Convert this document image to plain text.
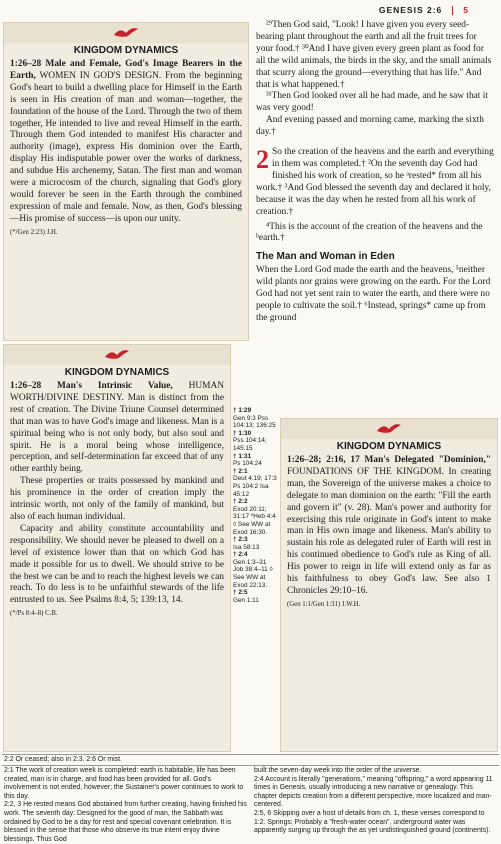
GENESIS 2:6 5
KINGDOM DYNAMICS

1:26–28 Male and Female, God's Image Bearers in the Earth, WOMEN IN GOD'S DESIGN. From the beginning God's heart to build a dwelling place for Himself in the Earth is seen in His creation of man and woman—together, the foundation of the house of the Lord. Through the two of them together, He intended to live and reveal Himself in the earth. Through them God intended to manifest His character and authority (image), express His dominion over the Earth, display His indisputable power over the works of darkness, and subdue His archenemy, Satan. The first man and woman were a microcosm of the church, signaling that God's glory would forever be seen in the Earth through the combined expression of male and female. Now, as then, God's blessing—His promise of success—is upon our unity.

(*/Gen 2:23) J.H.
KINGDOM DYNAMICS

1:26–28 Man's Intrinsic Value, HUMAN WORTH/DIVINE DESTINY. Man is distinct from the rest of creation. The Divine Triune Counsel determined that man was to have God's image and likeness. Man is a spiritual being who is not only body, but also soul and spirit. He is a moral being whose intelligence, perception, and self-determination far exceed that of any other earthly being.

These properties or traits possessed by mankind and his prominence in the order of creation imply the intrinsic worth, not only of the family of mankind, but also of each human individual.

Capacity and ability constitute accountability and responsibility. We should never be pleased to dwell on a level of existence lower than that on which God has made it possible for us to dwell. We should strive to be the best we can be and to reach the highest levels we can reach. To do less is to be unfaithful stewards of the life entrusted to us. See Psalms 8:4, 5; 139:13, 14.

(*/Ps 8:4–8) C.B.
† 1:29
Gen 9:3 Pss 104:13; 136:25
† 1:30
Pss 104:14; 145:15
† 1:31
Ps 104:24
† 2:1
Deut 4:19; 17:3 Ps 104:2 Isa 45:12
† 2:2
Exod 20:11; 31:17 *Heb 4:4 ◊ See WW at Exod 16:30.
† 2:3
Isa 58:13
† 2:4
Gen 1:3–31 Job 38:4–11 ◊ See WW at Exod 22:13.
† 2:5
Gen 1:11

²⁹Then God said, "Look! I have given you every seed-bearing plant throughout the earth and all the fruit trees for your food.† ³⁰And I have given every green plant as food for all the wild animals, the birds in the sky, and the small animals that scurry along the ground—everything that has life." And that is what happened.†

³¹Then God looked over all he had made, and he saw that it was very good!

And evening passed and morning came, marking the sixth day.†

2 So the creation of the heavens and the earth and everything in them was completed.† ²On the seventh day God had finished his work of creation, so he ᵃrested* from all his work.† ³And God blessed the seventh day and declared it holy, because it was the day when he rested from all his work of creation.†

⁴This is the account of the creation of the heavens and the ᵇearth.†

The Man and Woman in Eden

When the Lord God made the earth and the heavens, ⁵neither wild plants nor grains were growing on the earth. For the Lord God had not yet sent rain to water the earth, and there were no people to cultivate the soil.† ⁶Instead, springs* came up from the ground

KINGDOM DYNAMICS

1:26–28; 2:16, 17 Man's Delegated "Dominion," FOUNDATIONS OF THE KINGDOM. In creating man, the Sovereign of the universe makes a choice to delegate to man dominion on the earth: "Fill the earth and govern it" (v. 28). Man's power and authority for exercising this rule originate in God's intent to make man in His own image and likeness. Man's ability to sustain his role as delegated ruler of Earth will rest in his continued obedience to God's rule as King of all. His power to reign in life will extend only as far as his faithfulness to obey God's law. See also 1 Chronicles 29:10–16.

(Gen 1:1/Gen 1:31) J.W.H.
2:2 Or ceased; also in 2:3. 2:6 Or mist.

2:1 The work of creation week is completed: earth is habitable, life has been created, man is in charge, and food has been provided for all. God's involvement is not ended, however; the Sustainer's power continues to work to this day.

2:2, 3 He rested means God abstained from further creating, having finished his work. The seventh day: Designed for the good of man, the Sabbath was ordained by God to be a day for rest and special covenant celebration. It is blessed in the sense that those who observe its true intent enjoy divine blessings. Thus God

built the seven-day week into the order of the universe.

2:4 Account is literally "generations," meaning "offspring," a word appearing 11 times in Genesis, usually introducing a new narrative or genealogy. This chapter depicts creation from a different perspective, more localized and man-centered.

2:5, 6 Skipping over a host of details from ch. 1, these verses correspond to 1:2. Springs: Probably a "fresh-water ocean", underground water was apparently surging up through the as yet undistinguished ground (continents).
